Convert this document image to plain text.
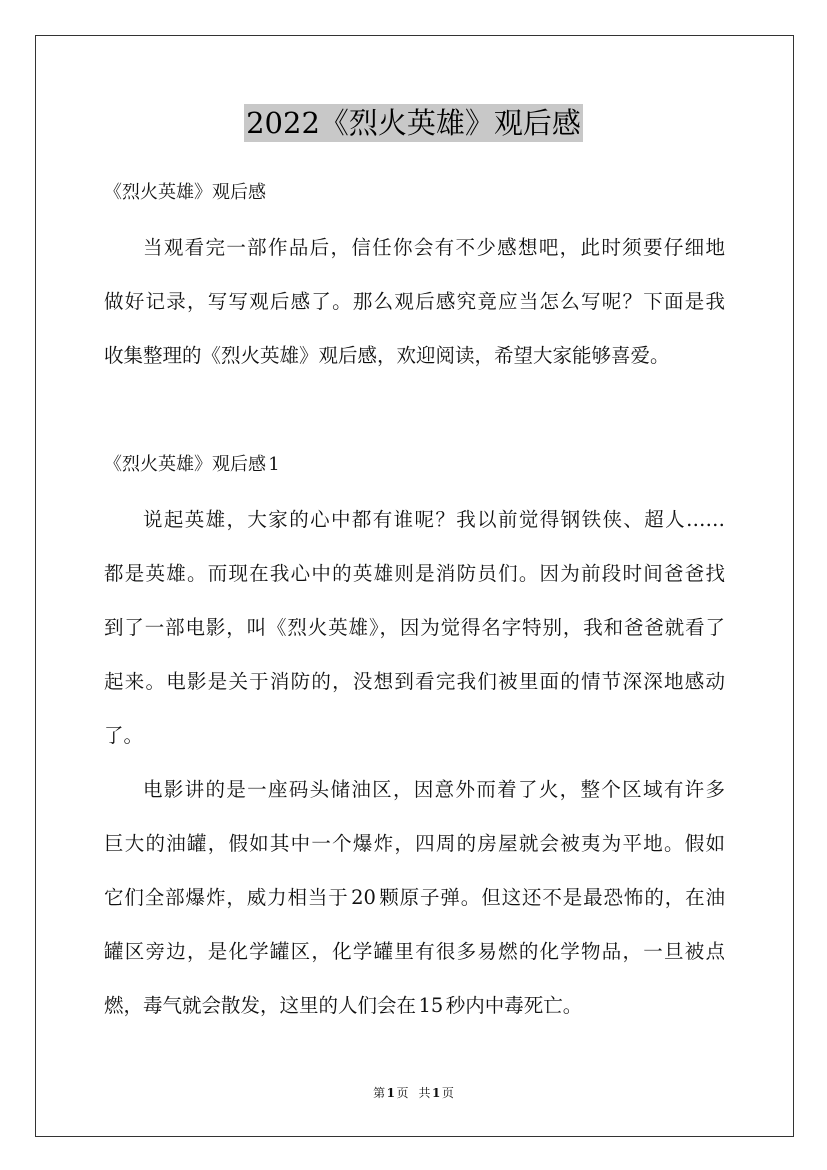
2022《烈火英雄》观后感
《烈火英雄》观后感
当观看完一部作品后，信任你会有不少感想吧，此时须要仔细地
做好记录，写写观后感了。那么观后感究竟应当怎么写呢？下面是我
收集整理的《烈火英雄》观后感，欢迎阅读，希望大家能够喜爱。
《烈火英雄》观后感1
说起英雄，大家的心中都有谁呢？我以前觉得钢铁侠、超人……
都是英雄。而现在我心中的英雄则是消防员们。因为前段时间爸爸找
到了一部电影，叫《烈火英雄》，因为觉得名字特别，我和爸爸就看了
起来。电影是关于消防的，没想到看完我们被里面的情节深深地感动
了。
电影讲的是一座码头储油区，因意外而着了火，整个区域有许多
巨大的油罐，假如其中一个爆炸，四周的房屋就会被夷为平地。假如
它们全部爆炸，威力相当于20颗原子弹。但这还不是最恐怖的，在油
罐区旁边，是化学罐区，化学罐里有很多易燃的化学物品，一旦被点
燃，毒气就会散发，这里的人们会在15秒内中毒死亡。
第1页 共1页
